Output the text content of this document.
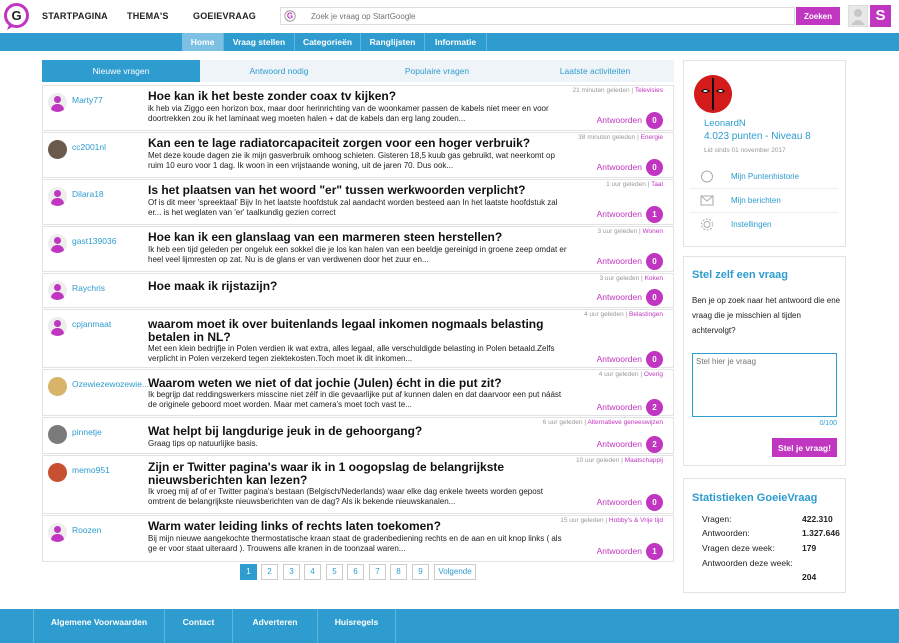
G STARTPAGINA THEMA'S	GOEIEVRAAG	G
Zoek je vraag op StartGoogle	Zoeken	S
Home	Vraag stellen	Categorieën	Ranglijsten	Informatie
Nieuwe vragen	Antwoord nodig	Populaire vragen	Laatste activiteiten
Marty77
21 minuten geleden | Televisies
Hoe kan ik het beste zonder coax tv kijken?
ik heb via Ziggo een horizon box, maar door herinrichting van de woonkamer passen de kabels niet meer en voor doortrekken zou ik het laminaat weg moeten halen + dat de kabels dan erg lang zouden...	Antwoorden	0
cc2001nl
38 minuten geleden | Energie
Kan een te lage radiatorcapaciteit zorgen voor een hoger verbruik?
Met deze koude dagen zie ik mijn gasverbruik omhoog schieten. Gisteren 18,5 kuub gas gebruikt, wat neerkomt op ruim 10 euro voor 1 dag. Ik woon in een vrijstaande woning, uit de jaren 70. Dus ook...	Antwoorden	0
Dilara18
1 uur geleden | Taal
Is het plaatsen van het woord "er" tussen werkwoorden verplicht?
Of is dit meer 'spreektaal' Bijv In het laatste hoofdstuk zal aandacht worden besteed aan In het laatste hoofdstuk zal er... is het weglaten van 'er' taalkundig gezien correct	Antwoorden	1
gast139036
3 uur geleden | Wonen
Hoe kan ik een glanslaag van een marmeren steen herstellen?
Ik heb een tijd geleden per ongeluk een sokkel die je los kan halen van een beeldje gereinigd in groene zeep omdat er heel veel lijmresten op zat. Nu is de glans er van verdwenen door het zuur en...	Antwoorden	0
Raychris
3 uur geleden | Koken
Hoe maak ik rijstazijn?
Antwoorden	0
cpjanmaat
4 uur geleden | Belastingen
waarom moet ik over buitenlands legaal inkomen nogmaals belasting betalen in NL?
Met een klein bedrijfje in Polen verdien ik wat extra, alles legaal, alle verschuldigde belasting in Polen betaald.Zelfs verplicht in Polen verzekerd tegen ziektekosten.Toch moet ik dit inkomen...	Antwoorden	0
Ozewiezewozewie...
4 uur geleden | Overig
Waarom weten we niet of dat jochie (Julen) écht in die put zit?
Ik begrijp dat reddingswerkers misscine niet zélf in die gevaarlijke put af kunnen dalen en dat daarvoor een put náást de originele geboord moet worden. Maar met camera's moet toch vast te...	Antwoorden	2
pinnetje
6 uur geleden | Alternatieve geneeswijzen
Wat helpt bij langdurige jeuk in de gehoorgang?
Graag tips op natuurlijke basis.	Antwoorden	2
memo951
10 uur geleden | Maatschappij
Zijn er Twitter pagina's waar ik in 1 oogopslag de belangrijkste nieuwsberichten kan lezen?
Ik vroeg mij af of er Twitter pagina's bestaan (Belgisch/Nederlands) waar elke dag enkele tweets worden gepost omtrent de belangrijkste nieuwsberichten van de dag? Als ik bekende nieuwskanalen...	Antwoorden	0
Roozen
15 uur geleden | Hobby's & Vrije tijd
Warm water leiding links of rechts laten toekomen?
Bij mijn nieuwe aangekochte thermostatische kraan staat de gradenbediening rechts en de aan en uit knop links ( als ge er voor staat uiteraard ). Trouwens alle kranen in de toonzaal waren...	Antwoorden	1
1	2	3	4	5	6	7	8	9	Volgende
LeonardN
4.023 punten - Niveau 8
Lid sinds 01 november 2017
Mijn Puntenhistorie
Mijn berichten
Instellingen
Stel zelf een vraag
Ben je op zoek naar het antwoord die ene vraag die je misschien al tijden achtervolgt?
Stel hier je vraag
0/100
Stel je vraag!
Statistieken GoeieVraag
Vragen:	422.310
Antwoorden:	1.327.646
Vragen deze week:	179
Antwoorden deze week:
204
Algemene Voorwaarden	Contact	Adverteren	Huisregels
